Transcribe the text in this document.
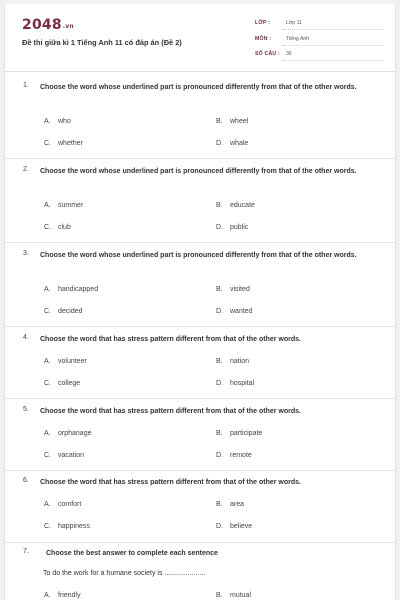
2048.vn
Đề thi giữa kì 1 Tiếng Anh 11 có đáp án (Đề 2)
LỚP :	Lớp 11
MÔN :	Tiếng Anh
SỐ CÂU : 36
1. Choose the word whose underlined part is pronounced differently from that of the other words.
A. who	B. wheel
C. whether	D. whale
2. Choose the word whose underlined part is pronounced differently from that of the other words.
A. summer	B. educate
C. club	D. public
3. Choose the word whose underlined part is pronounced differently from that of the other words.
A. handicapped	B. visited
C. decided	D. wanted
4. Choose the word that has stress pattern different from that of the other words.
A. volunteer	B. nation
C. college	D. hospital
5. Choose the word that has stress pattern different from that of the other words.
A. orphanage	B. participate
C. vacation	D. remote
6. Choose the word that has stress pattern different from that of the other words.
A. comfort	B. area
C. happiness	D. believe
7. Choose the best answer to complete each sentence
To do the work for a humane society is .....................
A. friendly	B. mutual
